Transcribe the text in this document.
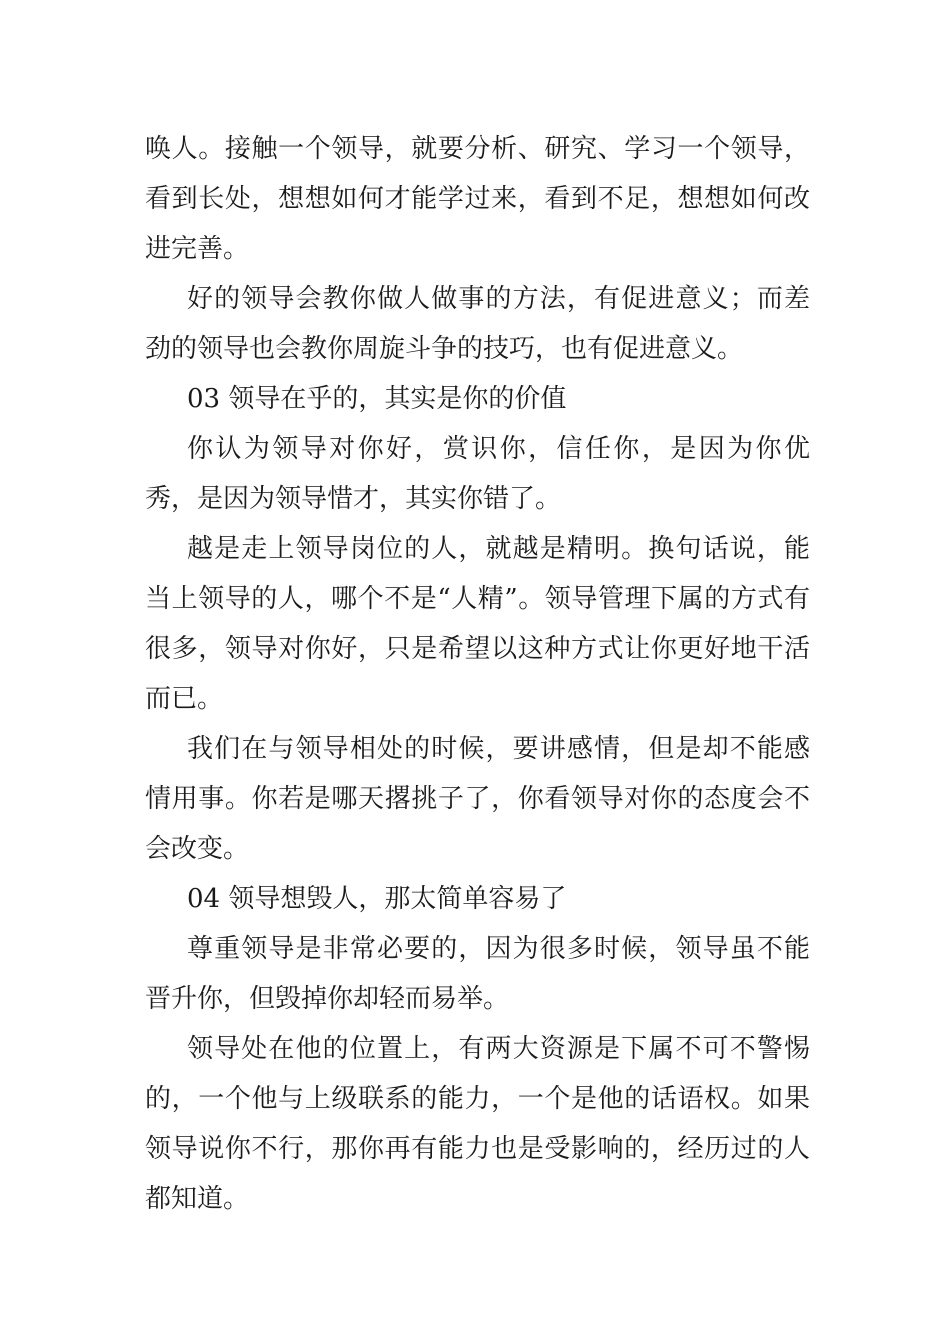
唤人。接触一个领导，就要分析、研究、学习一个领导，看到长处，想想如何才能学过来，看到不足，想想如何改进完善。

好的领导会教你做人做事的方法，有促进意义；而差劲的领导也会教你周旋斗争的技巧，也有促进意义。

03 领导在乎的，其实是你的价值

你认为领导对你好，赏识你，信任你，是因为你优秀，是因为领导惜才，其实你错了。

越是走上领导岗位的人，就越是精明。换句话说，能当上领导的人，哪个不是“人精”。领导管理下属的方式有很多，领导对你好，只是希望以这种方式让你更好地干活而已。

我们在与领导相处的时候，要讲感情，但是却不能感情用事。你若是哪天撂挑子了，你看领导对你的态度会不会改变。

04 领导想毁人，那太简单容易了

尊重领导是非常必要的，因为很多时候，领导虽不能晋升你，但毁掉你却轻而易举。

领导处在他的位置上，有两大资源是下属不可不警惕的，一个他与上级联系的能力，一个是他的话语权。如果领导说你不行，那你再有能力也是受影响的，经历过的人都知道。
